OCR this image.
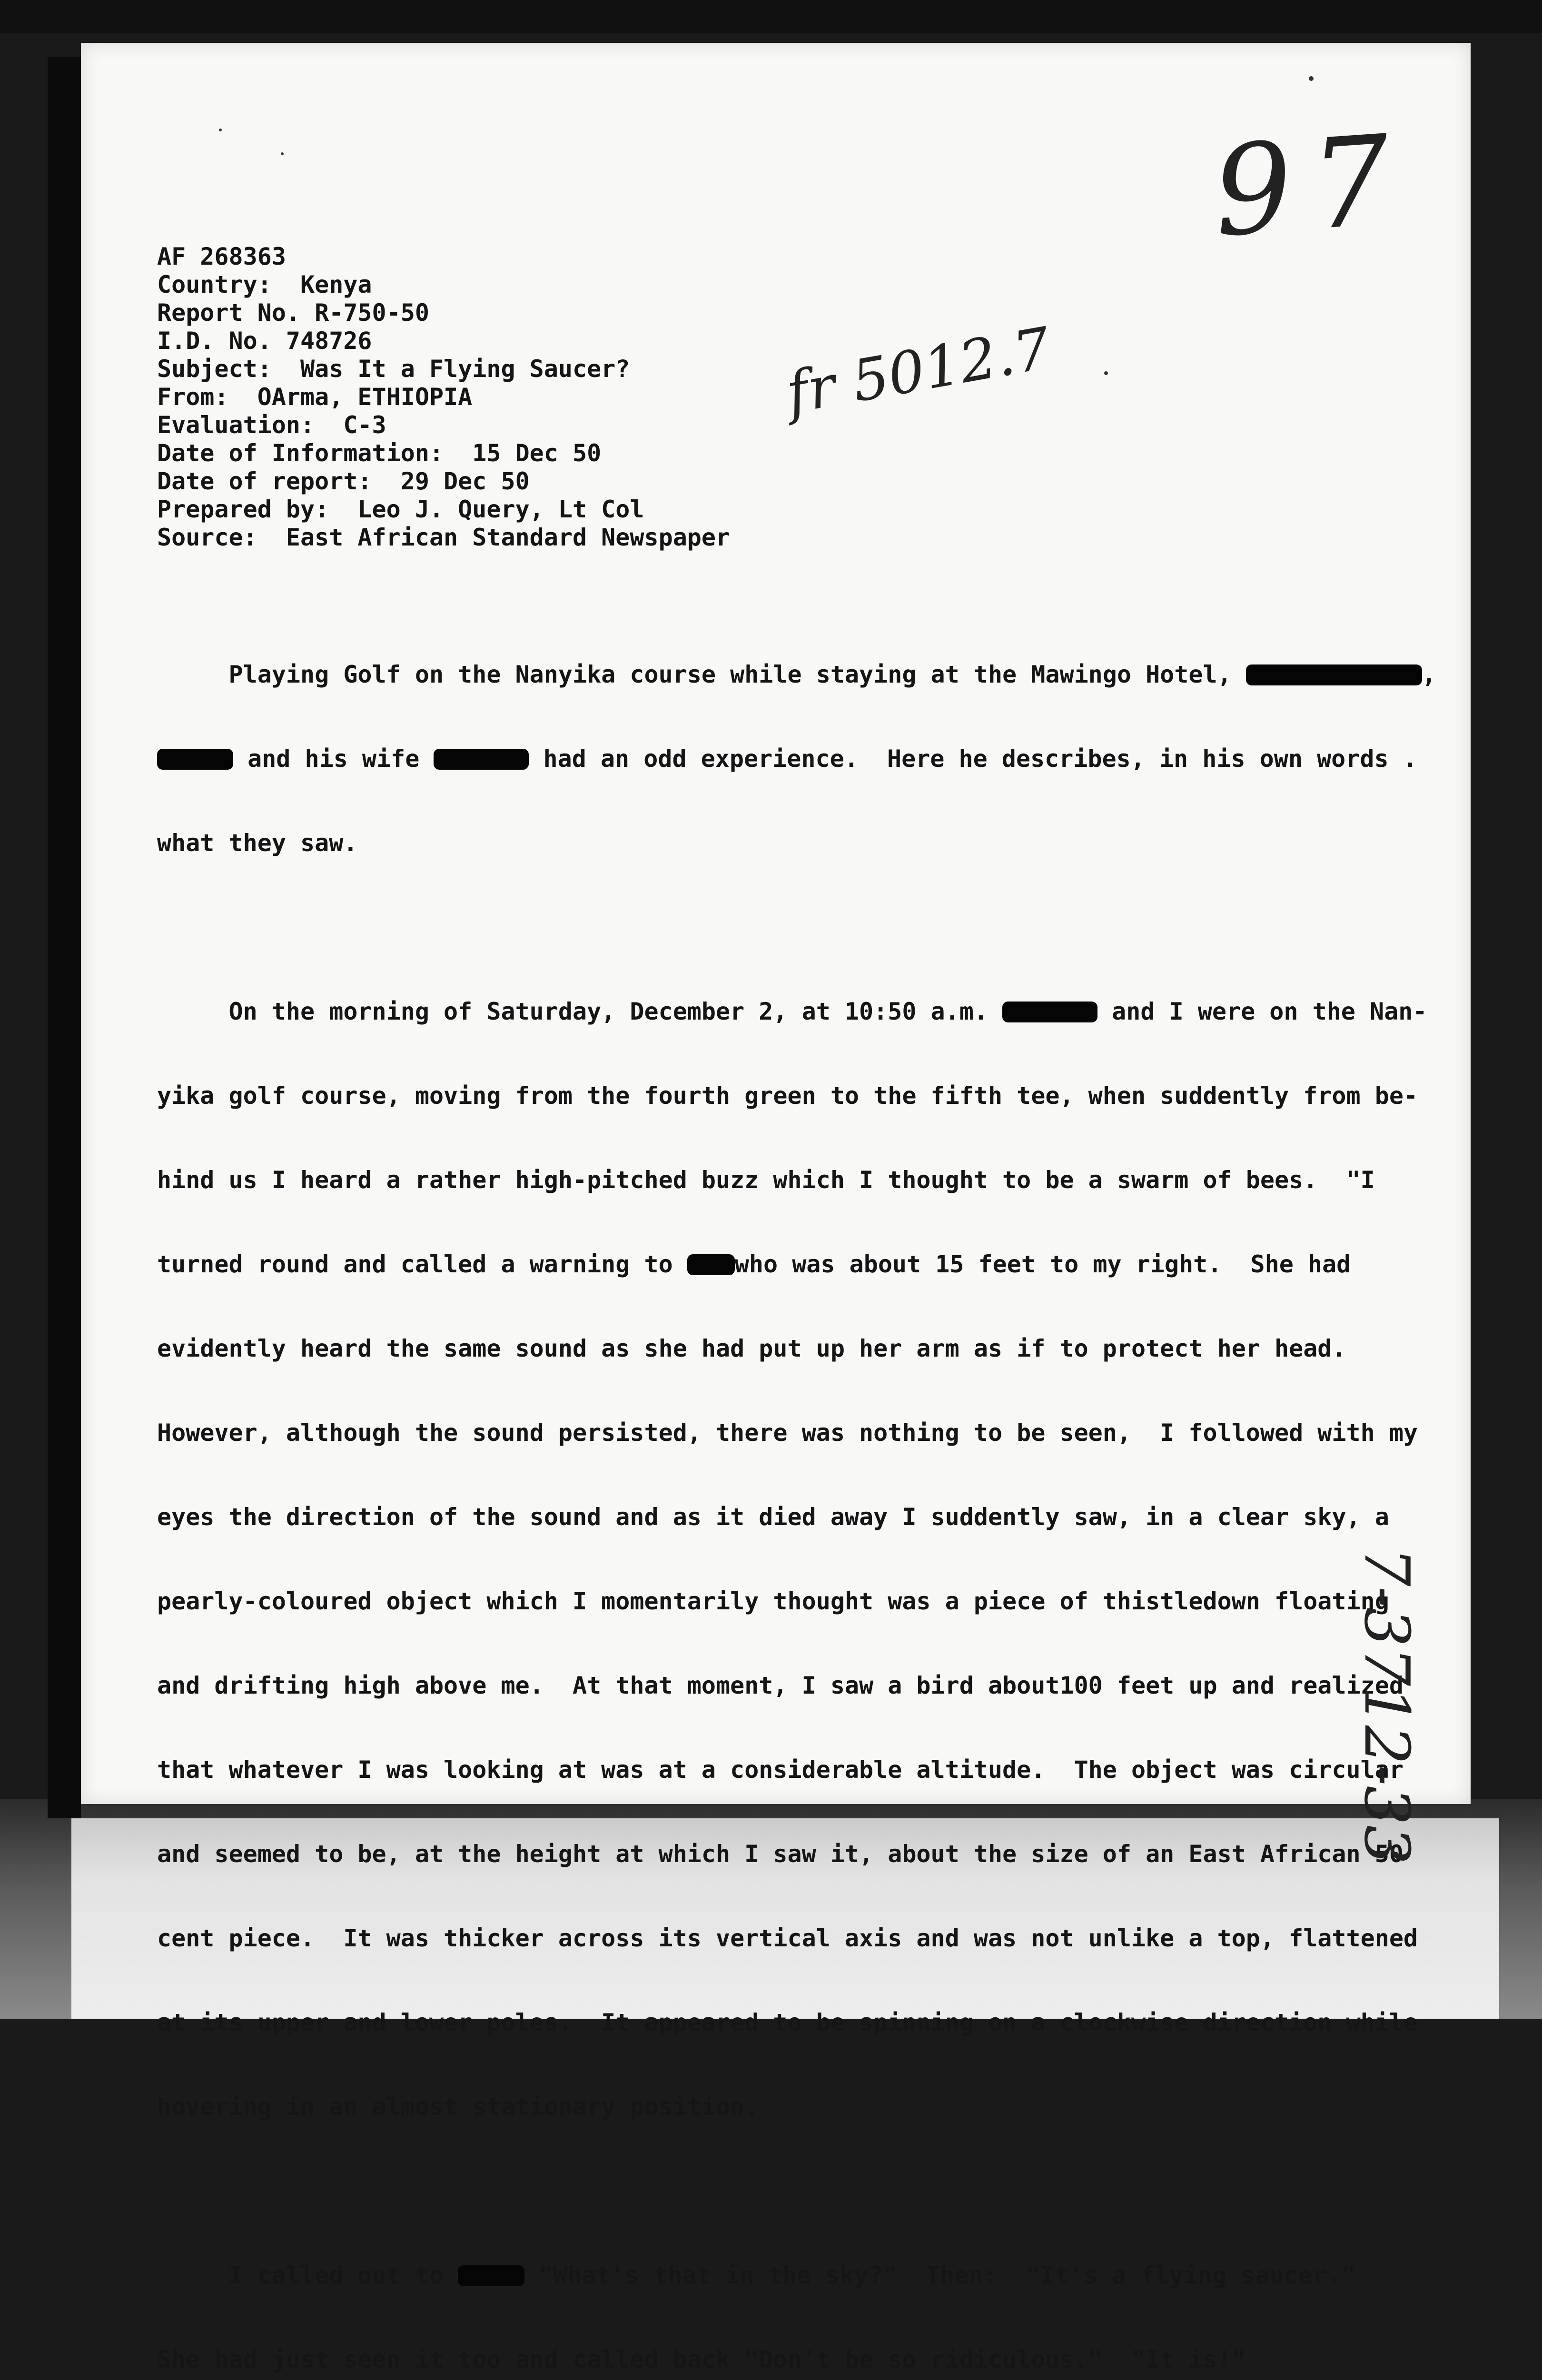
AF 268363
Country:  Kenya
Report No. R-750-50
I.D. No. 748726
Subject:  Was It a Flying Saucer?
From:  OArma, ETHIOPIA
Evaluation:  C-3
Date of Information:  15 Dec 50
Date of report:  29 Dec 50
Prepared by:  Leo J. Query, Lt Col
Source:  East African Standard Newspaper

Playing Golf on the Nanyika course while staying at the Mawingo Hotel,	,

and his wife	had an odd experience.  Here he describes, in his own words .

what they saw.

On the morning of Saturday, December 2, at 10:50 a.m.	and I were on the Nan-

yika golf course, moving from the fourth green to the fifth tee, when suddently from be-

hind us I heard a rather high-pitched buzz which I thought to be a swarm of bees.  "I

turned round and called a warning to who was about 15 feet to my right.  She had

evidently heard the same sound as she had put up her arm as if to protect her head.

However, although the sound persisted, there was nothing to be seen,  I followed with my

eyes the direction of the sound and as it died away I suddently saw, in a clear sky, a

pearly-coloured object which I momentarily thought was a piece of thistledown floating

and drifting high above me.  At that moment, I saw a bird about100 feet up and realized

that whatever I was looking at was at a considerable altitude.  The object was circular

and seemed to be, at the height at which I saw it, about the size of an East African 50

cent piece.  It was thicker across its vertical axis and was not unlike a top, flattened

at its upper and lower poles.  It appeared to be spinning on a clockwise direction while

hovering in an almost stationary position.

I called out to	"What's that in the sky?"  Then:  "It's a flying saucer."

She had just seen it too and called back "Don't be so ridiculous."  "It is!"

97
fr 5012.7
7-3712-33
